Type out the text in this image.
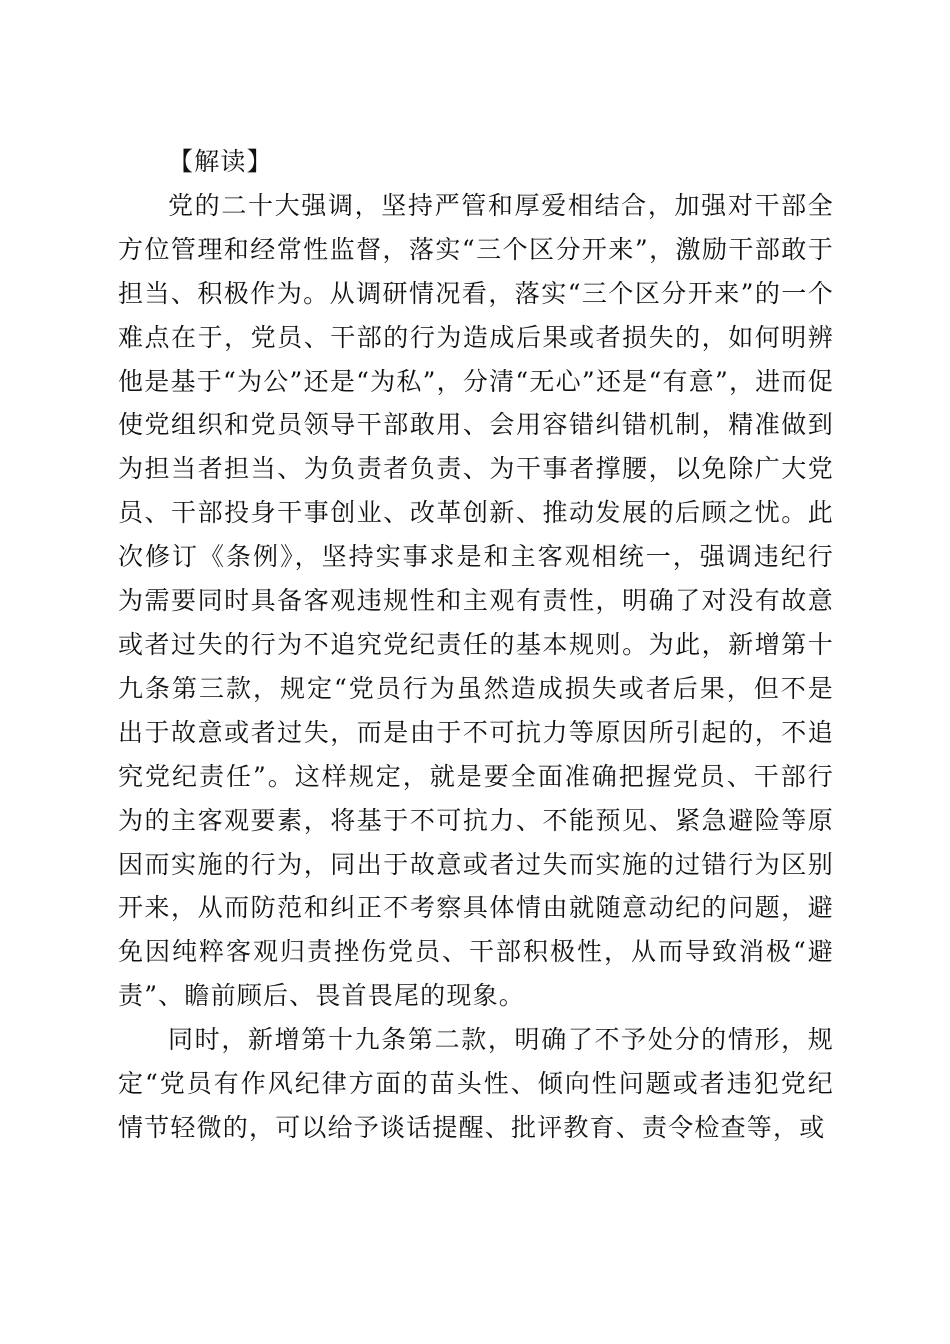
【解读】

党的二十大强调，坚持严管和厚爱相结合，加强对干部全方位管理和经常性监督，落实“三个区分开来”，激励干部敢于担当、积极作为。从调研情况看，落实“三个区分开来”的一个难点在于，党员、干部的行为造成后果或者损失的，如何明辨他是基于“为公”还是“为私”，分清“无心”还是“有意”，进而促使党组织和党员领导干部敢用、会用容错纠错机制，精准做到为担当者担当、为负责者负责、为干事者撑腰，以免除广大党员、干部投身干事创业、改革创新、推动发展的后顾之忧。此次修订《条例》，坚持实事求是和主客观相统一，强调违纪行为需要同时具备客观违规性和主观有责性，明确了对没有故意或者过失的行为不追究党纪责任的基本规则。为此，新增第十九条第三款，规定“党员行为虽然造成损失或者后果，但不是出于故意或者过失，而是由于不可抗力等原因所引起的，不追究党纪责任”。这样规定，就是要全面准确把握党员、干部行为的主客观要素，将基于不可抗力、不能预见、紧急避险等原因而实施的行为，同出于故意或者过失而实施的过错行为区别开来，从而防范和纠正不考察具体情由就随意动纪的问题，避免因纯粹客观归责挫伤党员、干部积极性，从而导致消极“避责”、瞻前顾后、畏首畏尾的现象。

同时，新增第十九条第二款，明确了不予处分的情形，规定“党员有作风纪律方面的苗头性、倾向性问题或者违犯党纪情节轻微的，可以给予谈话提醒、批评教育、责令检查等，或
